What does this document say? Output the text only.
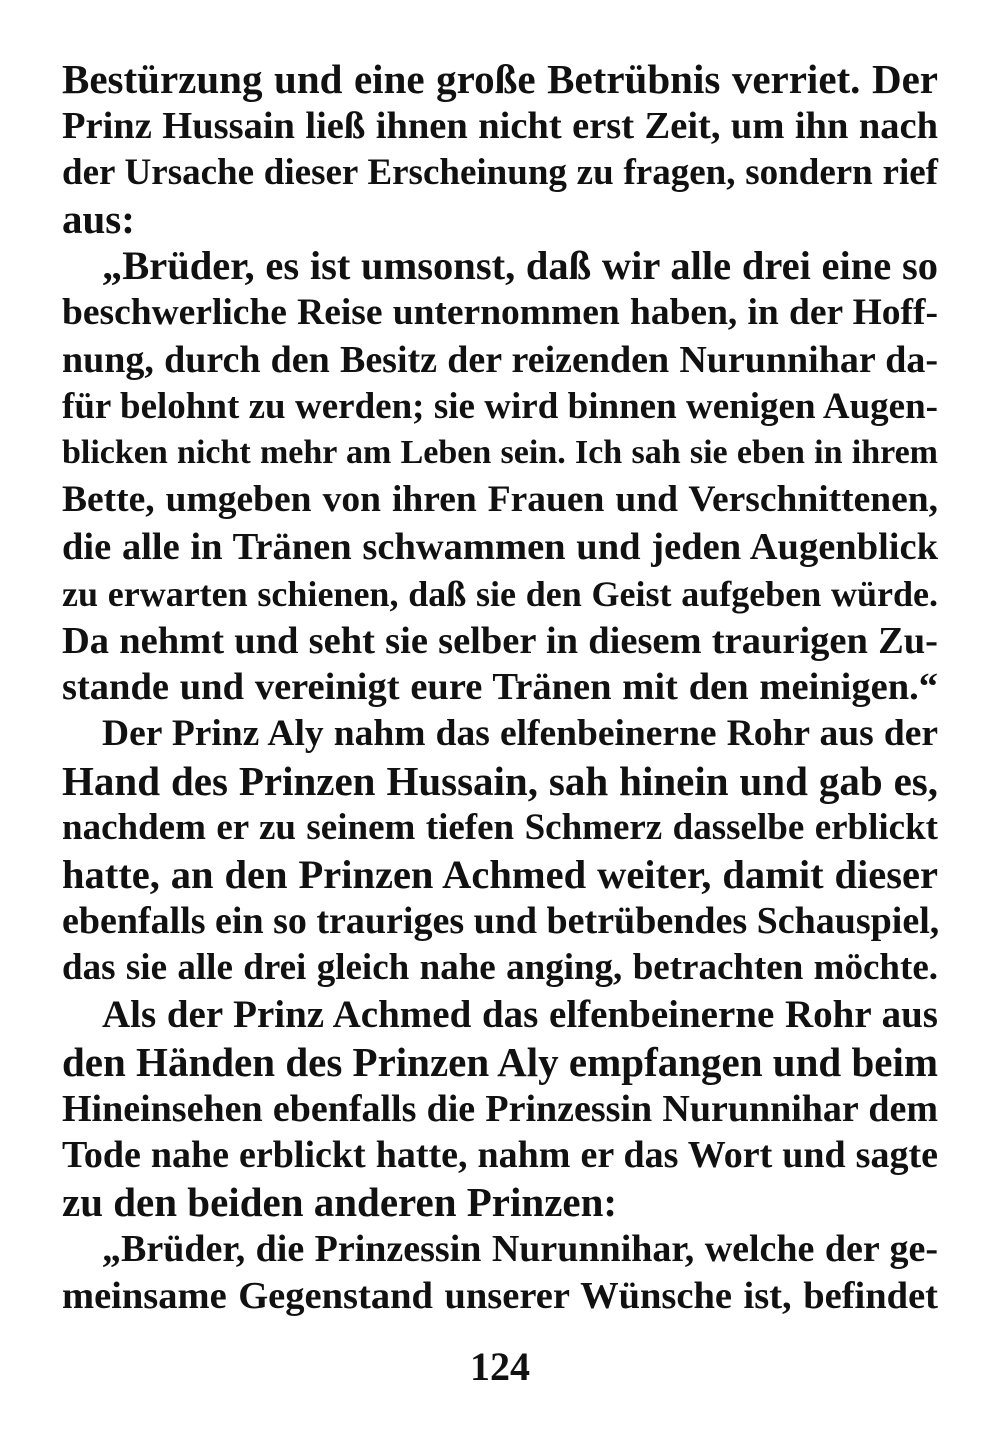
Bestürzung und eine große Betrübnis verriet. Der
Prinz Hussain ließ ihnen nicht erst Zeit, um ihn nach
der Ursache dieser Erscheinung zu fragen, sondern rief
aus:
„Brüder, es ist umsonst, daß wir alle drei eine so
beschwerliche Reise unternommen haben, in der Hoff-
nung, durch den Besitz der reizenden Nurunnihar da-
für belohnt zu werden; sie wird binnen wenigen Augen-
blicken nicht mehr am Leben sein. Ich sah sie eben in ihrem
Bette, umgeben von ihren Frauen und Verschnittenen,
die alle in Tränen schwammen und jeden Augenblick
zu erwarten schienen, daß sie den Geist aufgeben würde.
Da nehmt und seht sie selber in diesem traurigen Zu-
stande und vereinigt eure Tränen mit den meinigen.“
Der Prinz Aly nahm das elfenbeinerne Rohr aus der
Hand des Prinzen Hussain, sah hinein und gab es,
nachdem er zu seinem tiefen Schmerz dasselbe erblickt
hatte, an den Prinzen Achmed weiter, damit dieser
ebenfalls ein so trauriges und betrübendes Schauspiel,
das sie alle drei gleich nahe anging, betrachten möchte.
Als der Prinz Achmed das elfenbeinerne Rohr aus
den Händen des Prinzen Aly empfangen und beim
Hineinsehen ebenfalls die Prinzessin Nurunnihar dem
Tode nahe erblickt hatte, nahm er das Wort und sagte
zu den beiden anderen Prinzen:
„Brüder, die Prinzessin Nurunnihar, welche der ge-
meinsame Gegenstand unserer Wünsche ist, befindet
124
